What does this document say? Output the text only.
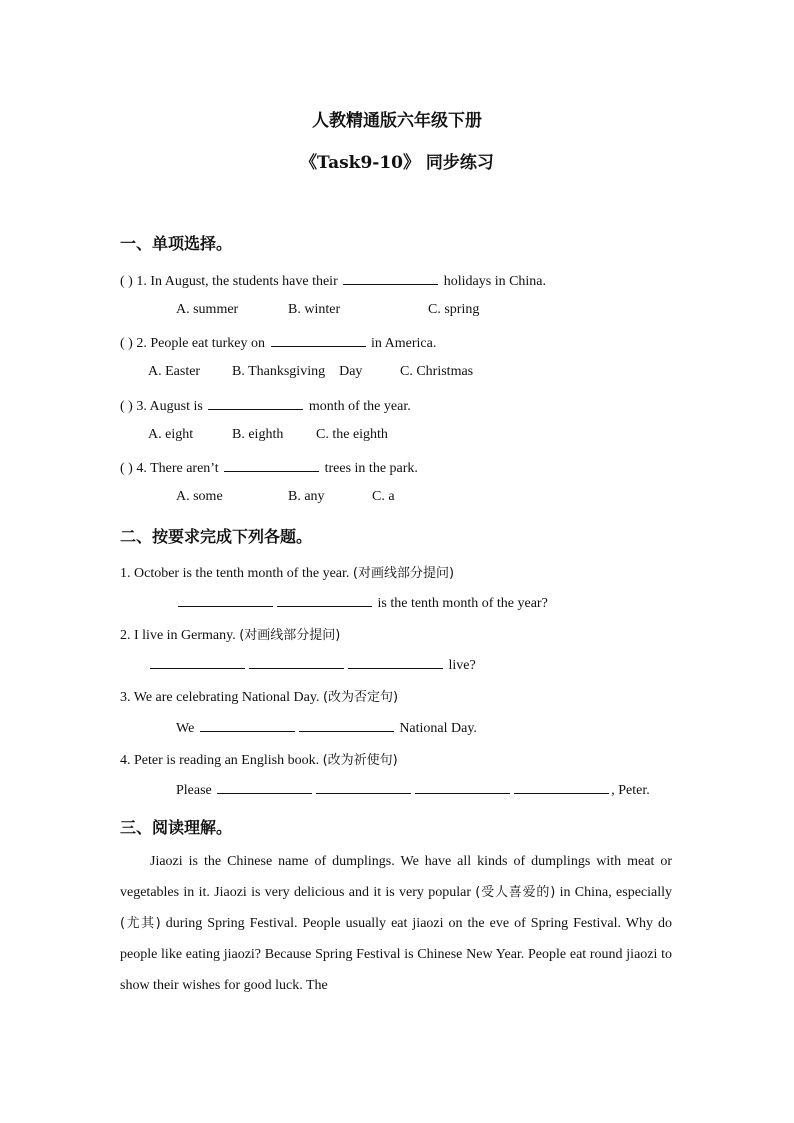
人教精通版六年级下册
《Task9-10》 同步练习
一、单项选择。
( ) 1. In August, the students have their	holidays in China.
A. summer	B. winter	C. spring
( ) 2. People eat turkey on	in America.
A. Easter B. Thanksgiving    Day	C. Christmas
( ) 3. August is	month of the year.
A. eight	B. eighth C. the eighth
( ) 4. There aren’t	trees in the park.
A. some	B. any	C. a
二、按要求完成下列各题。
1. October is the tenth month of the year. (对画线部分提问)
is the tenth month of the year?
2. I live in Germany. (对画线部分提问)
live?
3. We are celebrating National Day. (改为否定句)
We	National Day.
4. Peter is reading an English book. (改为祈使句)
Please	, Peter.
三、阅读理解。
Jiaozi is the Chinese name of dumplings. We have all kinds of dumplings with meat or vegetables in it. Jiaozi is very delicious and it is very popular (受人喜爱的) in China, especially (尤其) during Spring Festival. People usually eat jiaozi on the eve of Spring Festival. Why do people like eating jiaozi? Because Spring Festival is Chinese New Year. People eat round jiaozi to show their wishes for good luck. The
